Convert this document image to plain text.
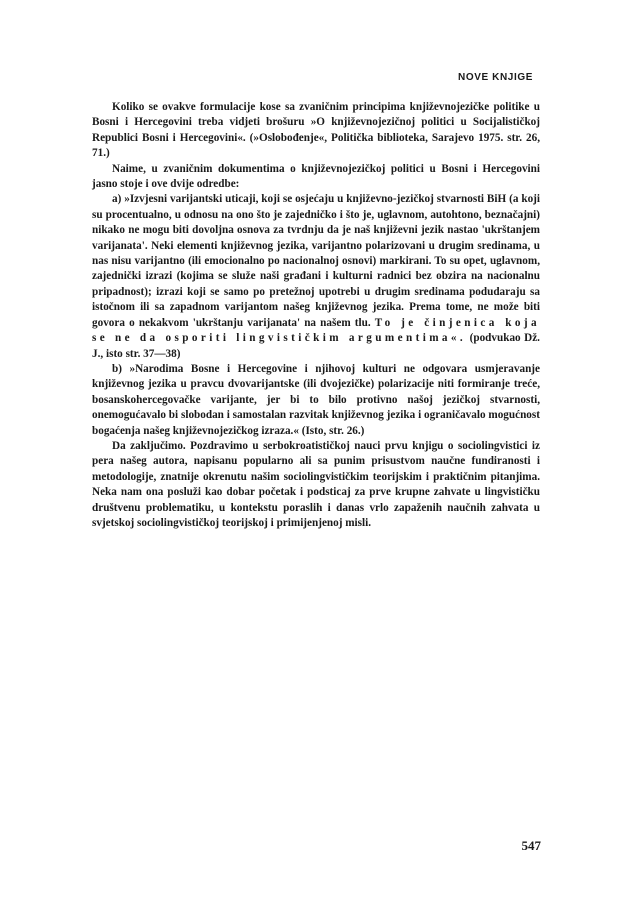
NOVE KNJIGE

Koliko se ovakve formulacije kose sa zvaničnim principima književnojezičke politike u Bosni i Hercegovini treba vidjeti brošuru »O književnojezičnoj politici u Socijalističkoj Republici Bosni i Hercegovini«. (»Oslobođenje«, Politička biblioteka, Sarajevo 1975. str. 26, 71.)

Naime, u zvaničnim dokumentima o književnojezičkoj politici u Bosni i Hercegovini jasno stoje i ove dvije odredbe:

a) »Izvjesni varijantski uticaji, koji se osjećaju u književno-jezičkoj stvarnosti BiH (a koji su procentualno, u odnosu na ono što je zajedničko i što je, uglavnom, autohtono, beznačajni) nikako ne mogu biti dovoljna osnova za tvrdnju da je naš književni jezik nastao 'ukrštanjem varijanata'. Neki elementi književnog jezika, varijantno polarizovani u drugim sredinama, u nas nisu varijantno (ili emocionalno po nacionalnoj osnovi) markirani. To su opet, uglavnom, zajednički izrazi (kojima se služe naši građani i kulturni radnici bez obzira na nacionalnu pripadnost); izrazi koji se samo po pretežnoj upotrebi u drugim sredinama podudaraju sa istočnom ili sa zapadnom varijantom našeg književnog jezika. Prema tome, ne može biti govora o nekakvom 'ukrštanju varijanata' na našem tlu. To je činjenica koja se ne da osporiti lingvističkim argumentima«. (podvukao Dž. J., isto str. 37—38)

b) »Narodima Bosne i Hercegovine i njihovoj kulturi ne odgovara usmjeravanje književnog jezika u pravcu dvovarijantske (ili dvojezičke) polarizacije niti formiranje treće, bosanskohercegovačke varijante, jer bi to bilo protivno našoj jezičkoj stvarnosti, onemogućavalo bi slobodan i samostalan razvitak književnog jezika i ograničavalo mogućnost bogaćenja našeg književnojezičkog izraza.« (Isto, str. 26.)

Da zaključimo. Pozdravimo u serbokroatističkoj nauci prvu knjigu o sociolingvistici iz pera našeg autora, napisanu popularno ali sa punim prisustvom naučne fundiranosti i metodologije, znatnije okrenutu našim sociolingvističkim teorijskim i praktičnim pitanjima. Neka nam ona posluži kao dobar početak i podsticaj za prve krupne zahvate u lingvističku društvenu problematiku, u kontekstu poraslih i danas vrlo zapaženih naučnih zahvata u svjetskoj sociolingvističkoj teorijskoj i primijenjenoj misli.

547
